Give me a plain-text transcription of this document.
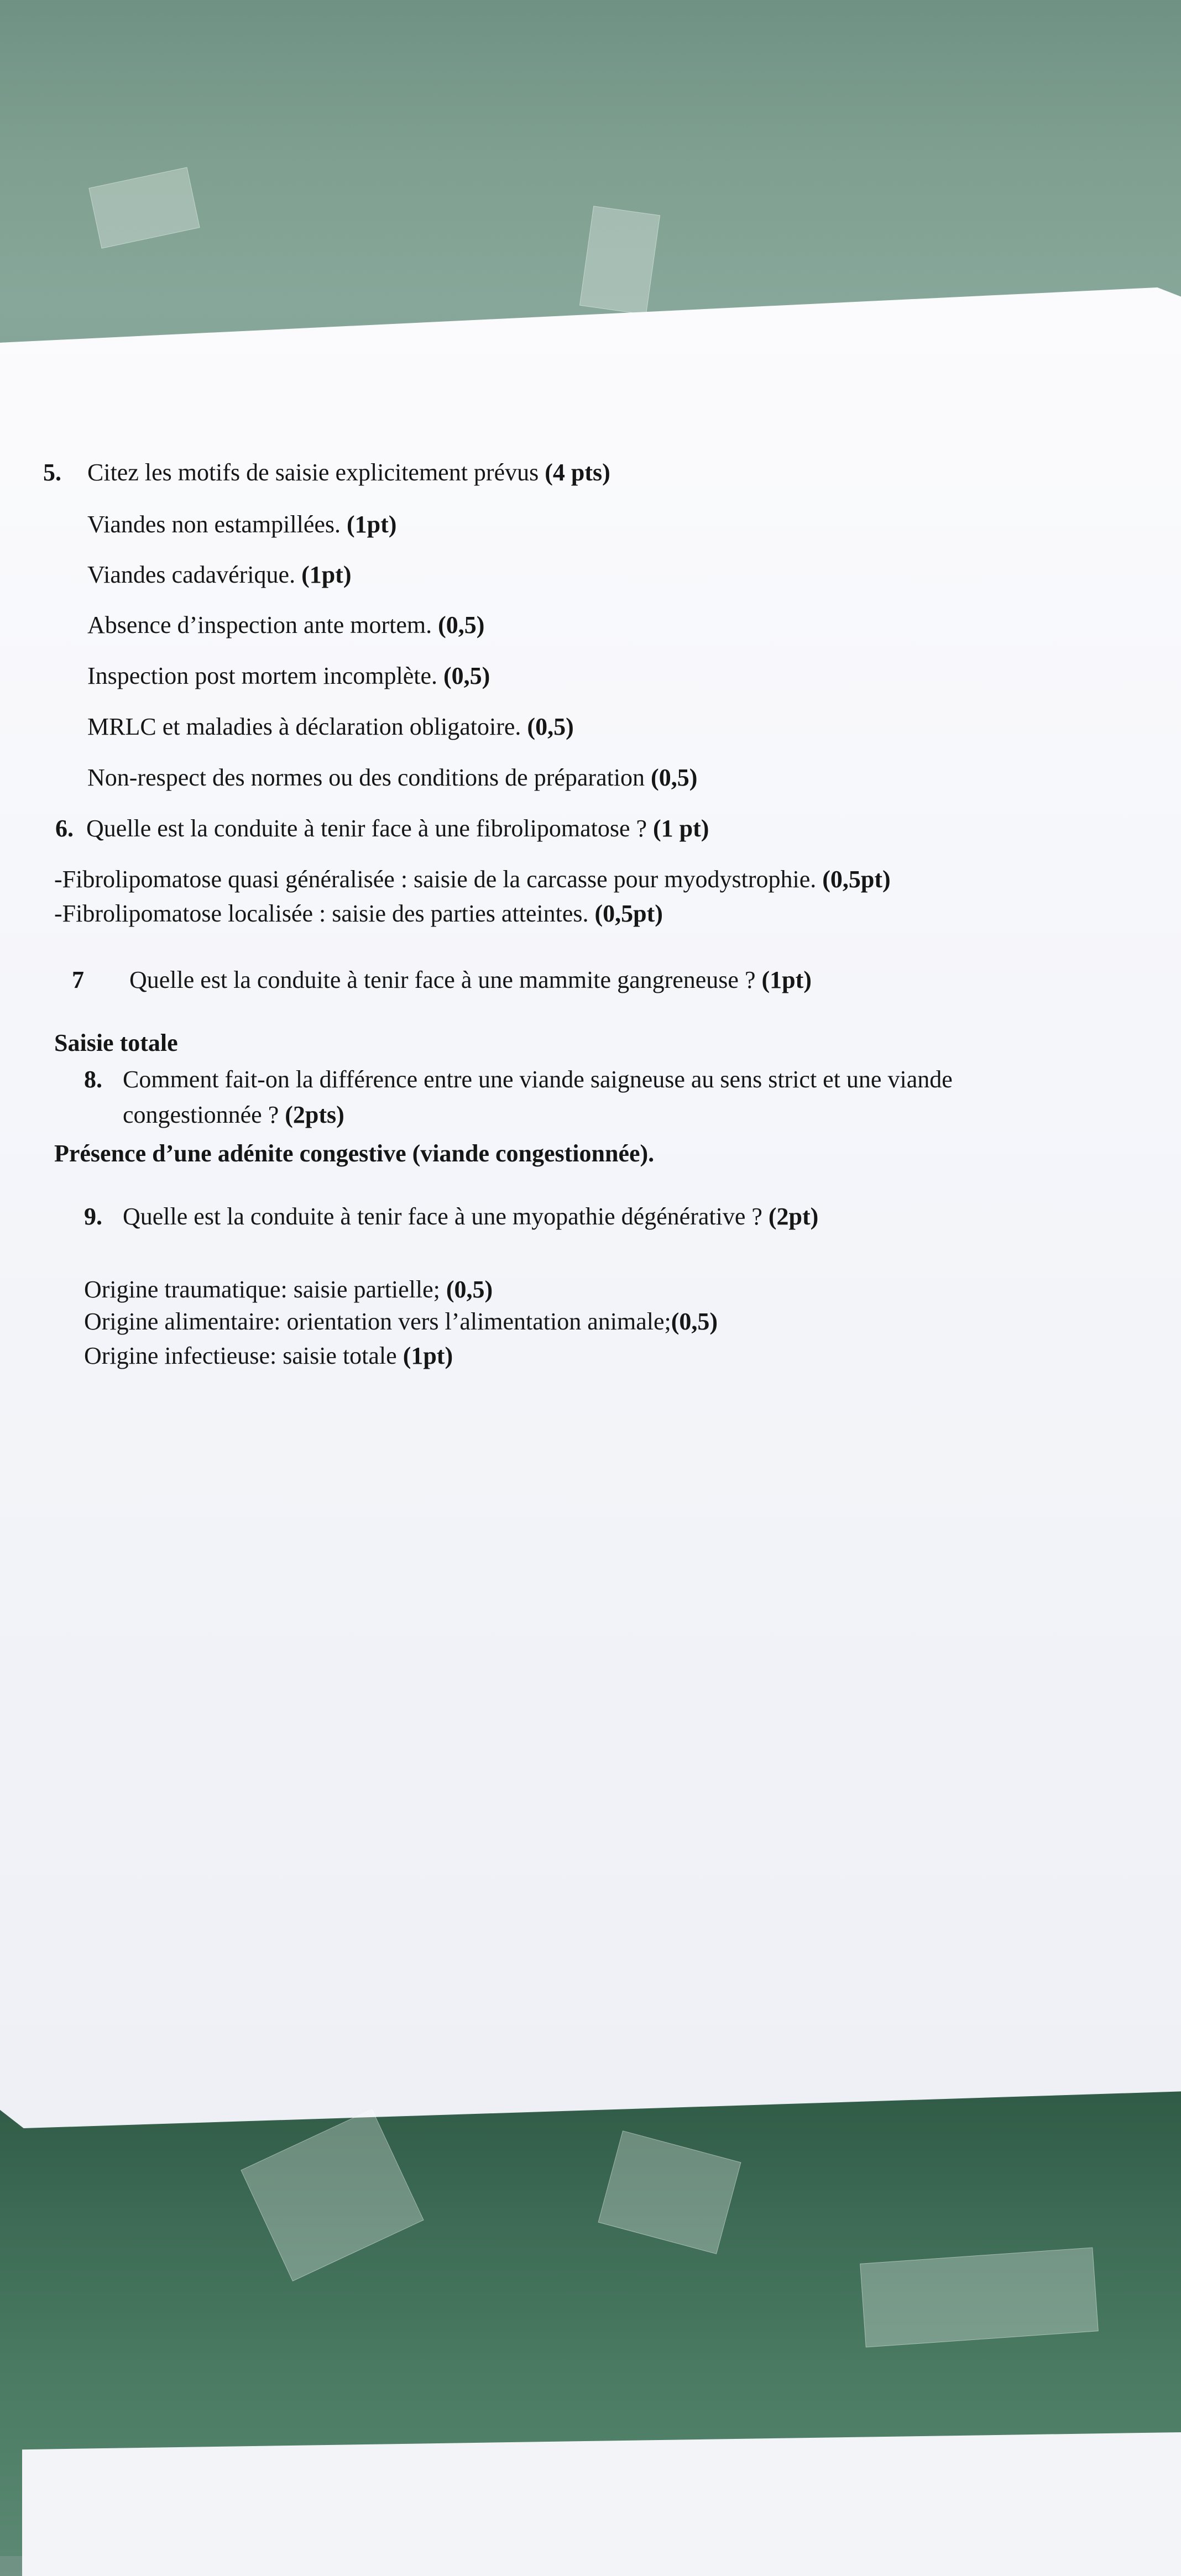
5. Citez les motifs de saisie explicitement prévus (4 pts)
Viandes non estampillées. (1pt)
Viandes cadavérique. (1pt)
Absence d’inspection ante mortem. (0,5)
Inspection post mortem incomplète. (0,5)
MRLC et maladies à déclaration obligatoire. (0,5)
Non-respect des normes ou des conditions de préparation (0,5)
6. Quelle est la conduite à tenir face à une fibrolipomatose ? (1 pt)
-Fibrolipomatose quasi généralisée : saisie de la carcasse pour myodystrophie. (0,5pt)
-Fibrolipomatose localisée : saisie des parties atteintes. (0,5pt)
7 Quelle est la conduite à tenir face à une mammite gangreneuse ? (1pt)
Saisie totale
8. Comment fait-on la différence entre une viande saigneuse au sens strict et une viande
congestionnée ? (2pts)
Présence d’une adénite congestive (viande congestionnée).
9. Quelle est la conduite à tenir face à une myopathie dégénérative ? (2pt)
Origine traumatique: saisie partielle; (0,5)
Origine alimentaire: orientation vers l’alimentation animale;(0,5)
Origine infectieuse: saisie totale (1pt)
